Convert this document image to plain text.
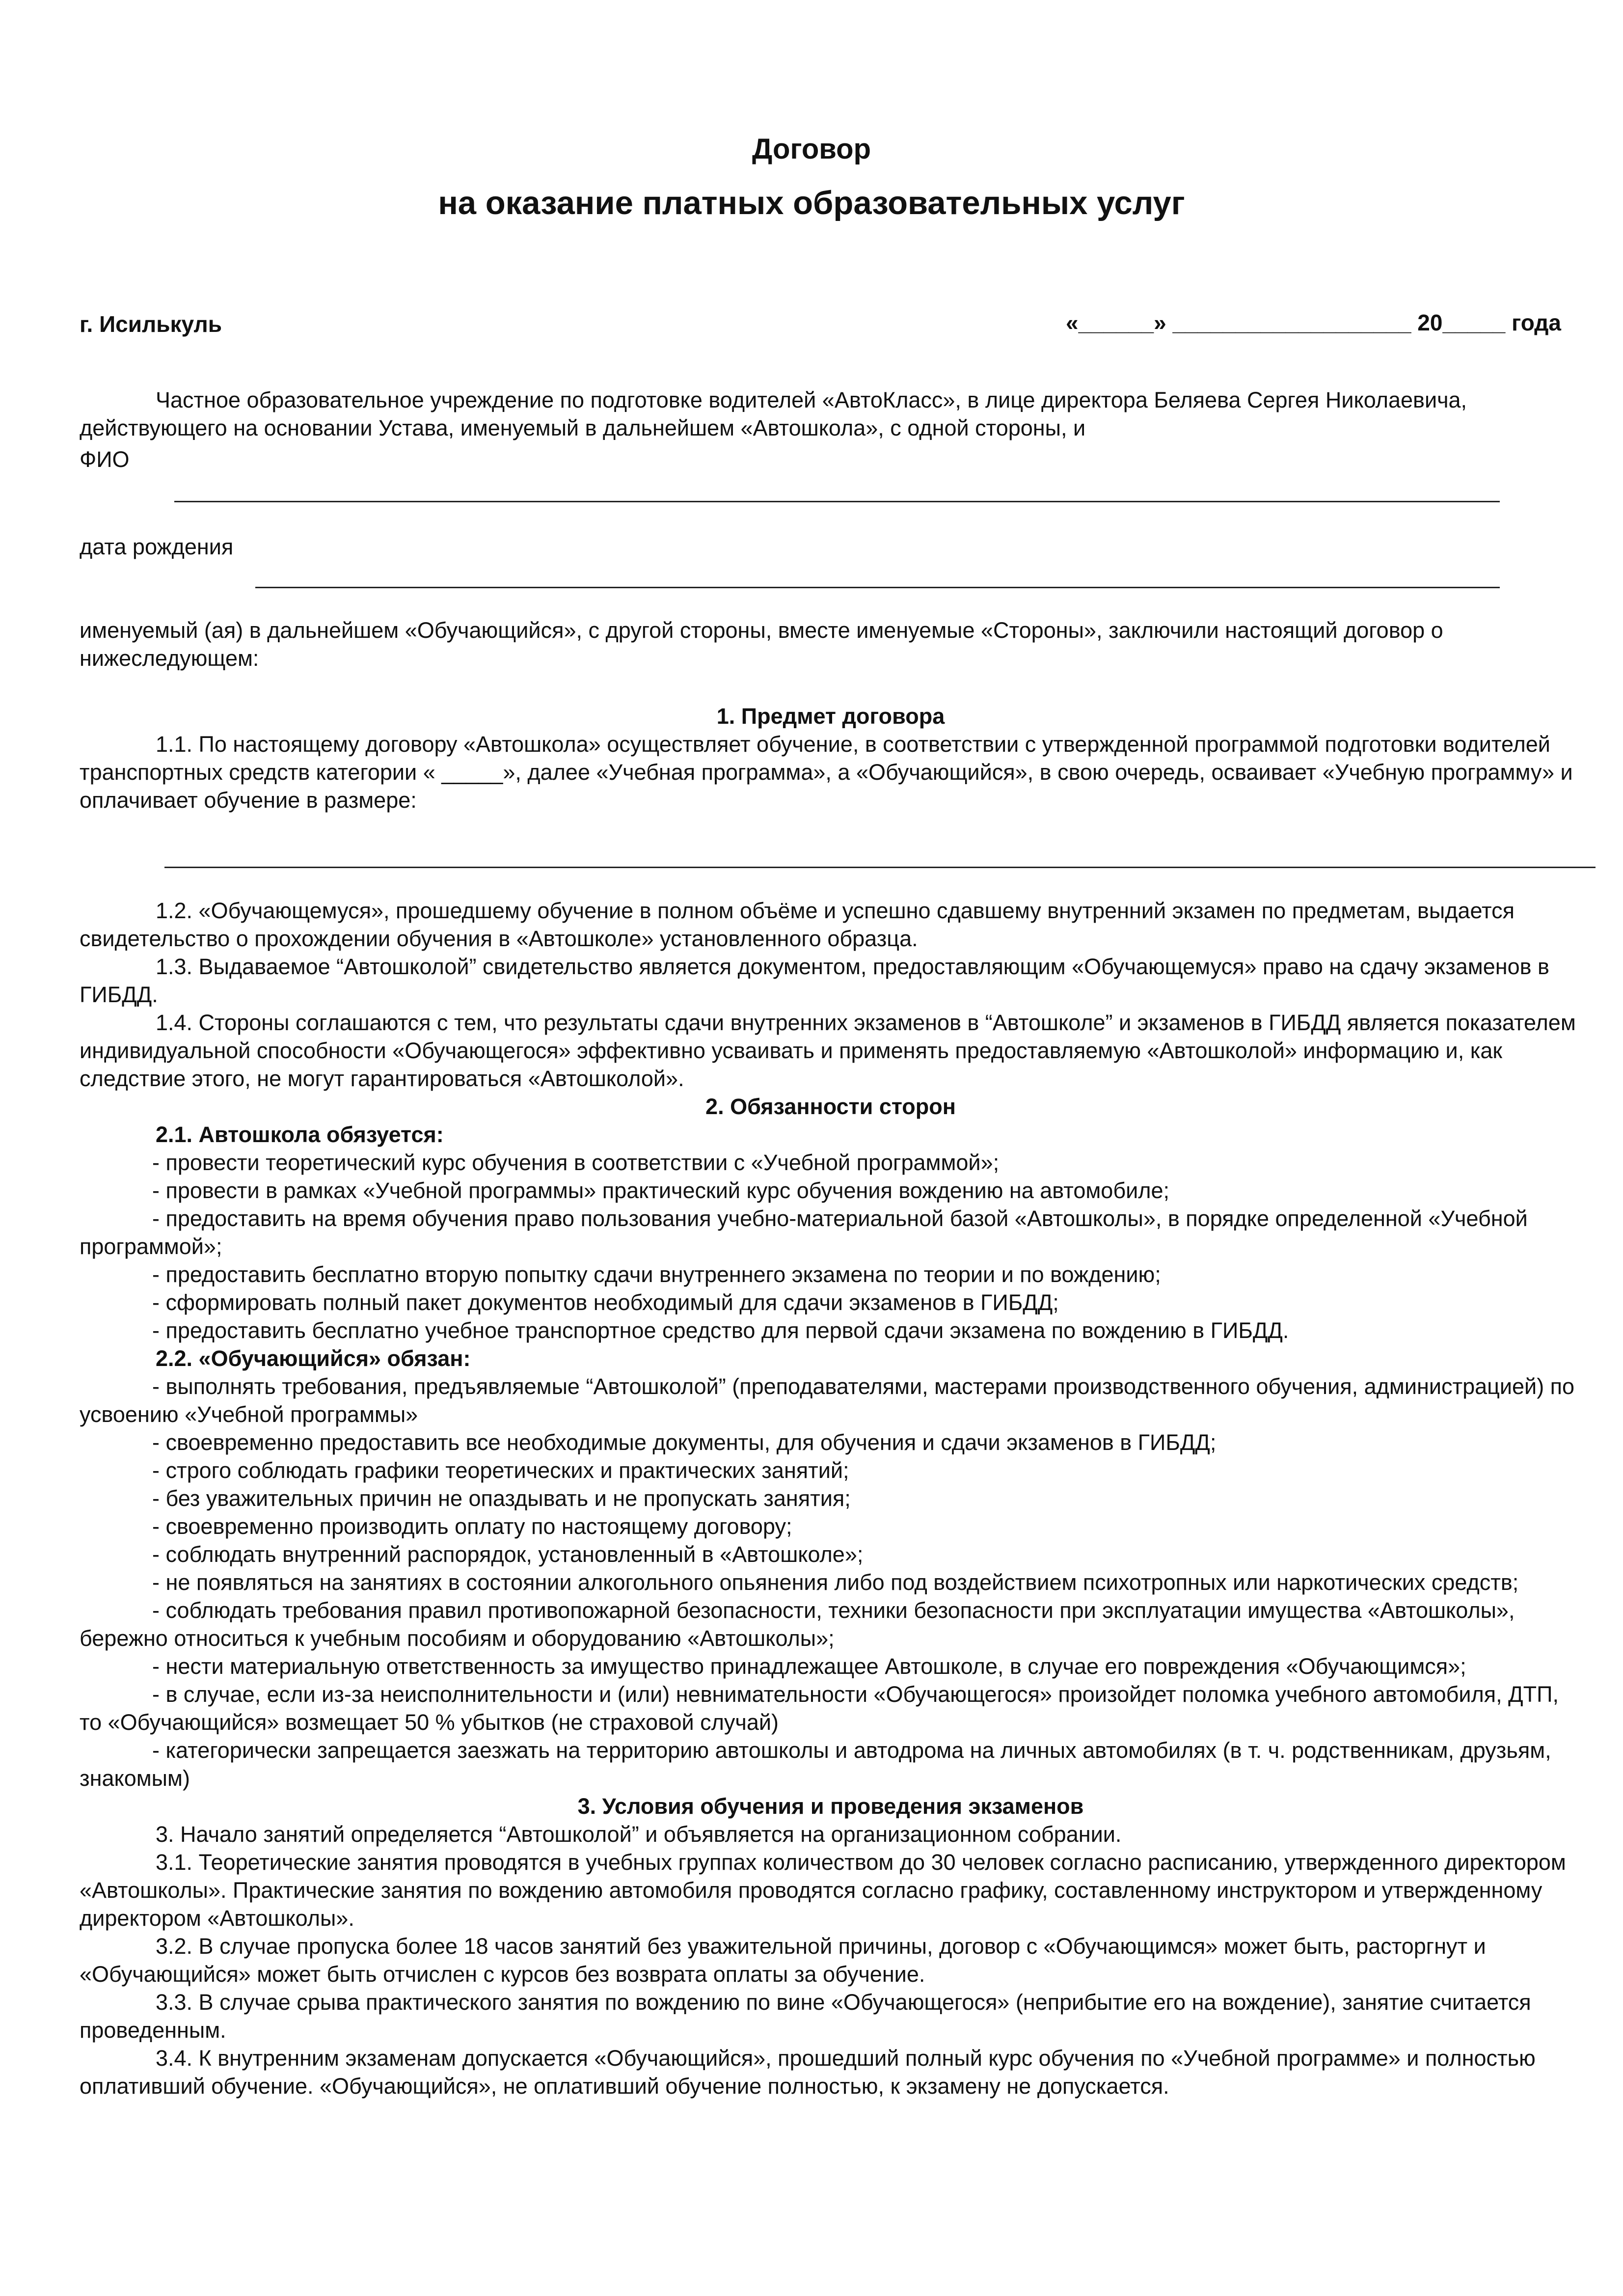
Договор
на оказание платных образовательных услуг
г. Исилькуль	«______» ___________________ 20_____ года

Частное образовательное учреждение по подготовке водителей «АвтоКласс», в лице директора Беляева Сергея Николаевича, действующего на основании Устава, именуемый в дальнейшем «Автошкола», с одной стороны, и

ФИО
дата рождения

именуемый (ая) в дальнейшем «Обучающийся», с другой стороны, вместе именуемые «Стороны», заключили настоящий договор о нижеследующем:

1. Предмет договора

1.1. По настоящему договору «Автошкола» осуществляет обучение, в соответствии с утвержденной программой подготовки водителей транспортных средств категории « _____», далее «Учебная программа», а «Обучающийся», в свою очередь, осваивает «Учебную программу» и оплачивает обучение в размере:

1.2. «Обучающемуся», прошедшему обучение в полном объёме и успешно сдавшему внутренний экзамен по предметам, выдается свидетельство о прохождении обучения в «Автошколе» установленного образца.

1.3. Выдаваемое “Автошколой” свидетельство является документом, предоставляющим «Обучающемуся» право на сдачу экзаменов в ГИБДД.

1.4. Стороны соглашаются с тем, что результаты сдачи внутренних экзаменов в “Автошколе” и экзаменов в ГИБДД является показателем индивидуальной способности «Обучающегося» эффективно усваивать и применять предоставляемую «Автошколой» информацию и, как следствие этого, не могут гарантироваться «Автошколой».

2. Обязанности сторон

2.1. Автошкола обязуется:

- провести теоретический курс обучения в соответствии с «Учебной программой»;

- провести в рамках «Учебной программы» практический курс обучения вождению на автомобиле;

- предоставить на время обучения право пользования учебно-материальной базой «Автошколы», в порядке определенной «Учебной программой»;

- предоставить бесплатно вторую попытку сдачи внутреннего экзамена по теории и по вождению;

- сформировать полный пакет документов необходимый для сдачи экзаменов в ГИБДД;

- предоставить бесплатно учебное транспортное средство для первой сдачи экзамена по вождению в ГИБДД.

2.2. «Обучающийся» обязан:

- выполнять требования, предъявляемые “Автошколой” (преподавателями, мастерами производственного обучения, администрацией) по усвоению «Учебной программы»

- своевременно предоставить все необходимые документы, для обучения и сдачи экзаменов в ГИБДД;

- строго соблюдать графики теоретических и практических занятий;

- без уважительных причин не опаздывать и не пропускать занятия;

- своевременно производить оплату по настоящему договору;

- соблюдать внутренний распорядок, установленный в «Автошколе»;

- не появляться на занятиях в состоянии алкогольного опьянения либо под воздействием психотропных или наркотических средств;

- соблюдать требования правил противопожарной безопасности, техники безопасности при эксплуатации имущества «Автошколы», бережно относиться к учебным пособиям и оборудованию «Автошколы»;

- нести материальную ответственность за имущество принадлежащее Автошколе, в случае его повреждения «Обучающимся»;

- в случае, если из-за неисполнительности и (или) невнимательности «Обучающегося» произойдет поломка учебного автомобиля, ДТП, то «Обучающийся» возмещает 50 % убытков (не страховой случай)

- категорически запрещается заезжать на территорию автошколы и автодрома на личных автомобилях (в т. ч. родственникам, друзьям, знакомым)

3. Условия обучения и проведения экзаменов

3. Начало занятий определяется “Автошколой” и объявляется на организационном собрании.

3.1. Теоретические занятия проводятся в учебных группах количеством до 30 человек согласно расписанию, утвержденного директором «Автошколы». Практические занятия по вождению автомобиля проводятся согласно графику, составленному инструктором и утвержденному директором «Автошколы».

3.2. В случае пропуска более 18 часов занятий без уважительной причины, договор с «Обучающимся» может быть, расторгнут и «Обучающийся» может быть отчислен с курсов без возврата оплаты за обучение.

3.3. В случае срыва практического занятия по вождению по вине «Обучающегося» (неприбытие его на вождение), занятие считается проведенным.

3.4. К внутренним экзаменам допускается «Обучающийся», прошедший полный курс обучения по «Учебной программе» и полностью оплативший обучение. «Обучающийся», не оплативший обучение полностью, к экзамену не допускается.
